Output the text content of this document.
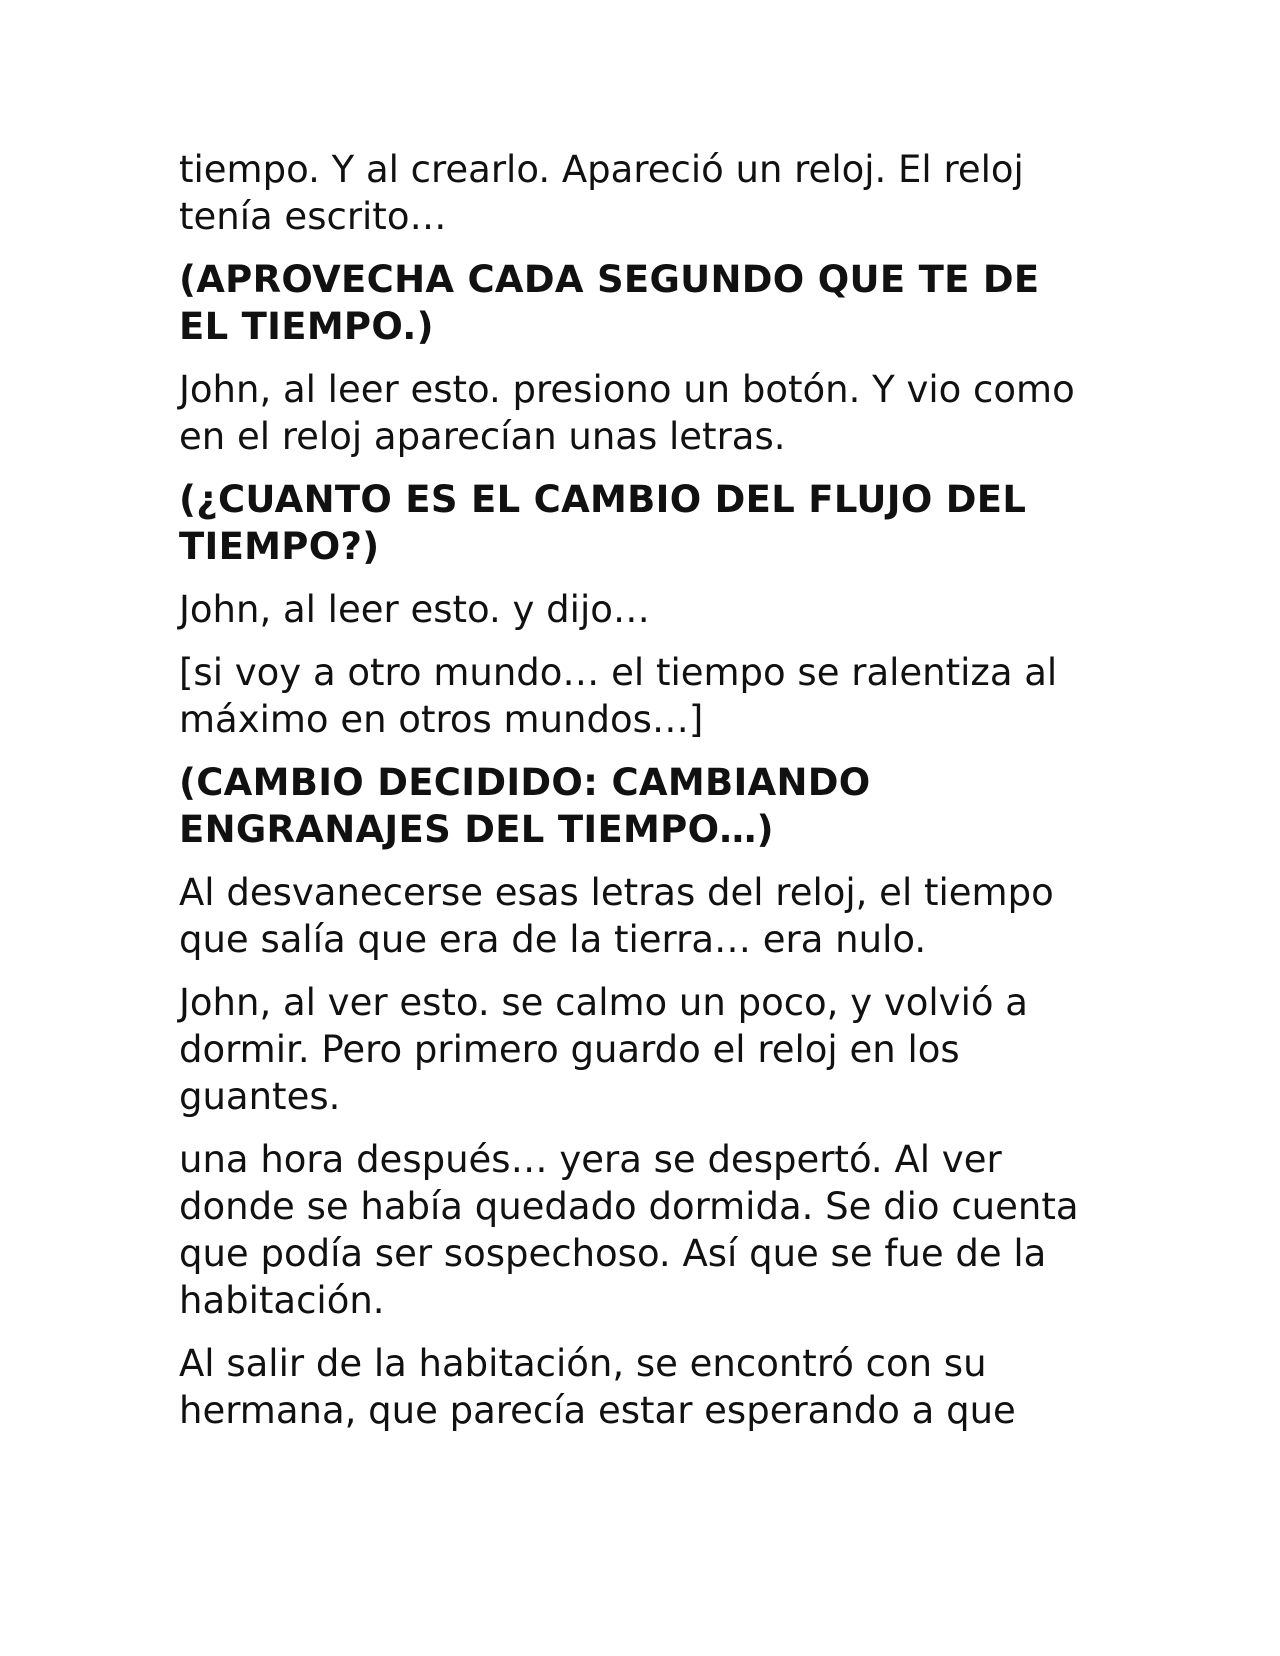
tiempo. Y al crearlo. Apareció un reloj. El reloj
tenía escrito…

(APROVECHA CADA SEGUNDO QUE TE DE
EL TIEMPO.)

John, al leer esto. presiono un botón. Y vio como
en el reloj aparecían unas letras.

(¿CUANTO ES EL CAMBIO DEL FLUJO DEL
TIEMPO?)

John, al leer esto. y dijo…

[si voy a otro mundo… el tiempo se ralentiza al
máximo en otros mundos…]

(CAMBIO DECIDIDO: CAMBIANDO
ENGRANAJES DEL TIEMPO…)

Al desvanecerse esas letras del reloj, el tiempo
que salía que era de la tierra… era nulo.

John, al ver esto. se calmo un poco, y volvió a
dormir. Pero primero guardo el reloj en los
guantes.

una hora después… yera se despertó. Al ver
donde se había quedado dormida. Se dio cuenta
que podía ser sospechoso. Así que se fue de la
habitación.

Al salir de la habitación, se encontró con su
hermana, que parecía estar esperando a que
